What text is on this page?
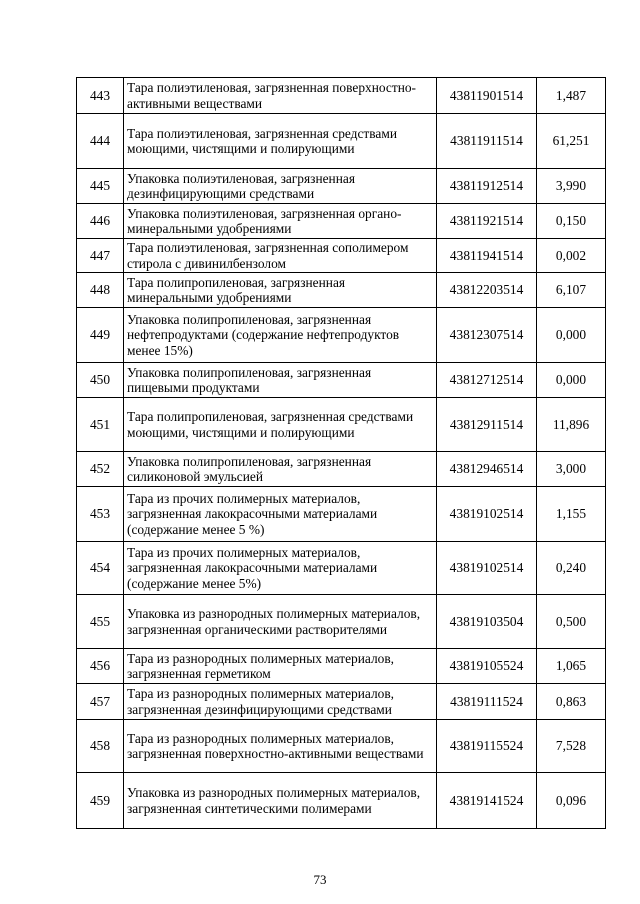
443	Тара полиэтиленовая, загрязненная поверхностно-активными веществами	43811901514	1,487
444	Тара полиэтиленовая, загрязненная средствами моющими, чистящими и полирующими	43811911514	61,251
445	Упаковка полиэтиленовая, загрязненная дезинфицирующими средствами	43811912514	3,990
446	Упаковка полиэтиленовая, загрязненная органо-минеральными удобрениями	43811921514	0,150
447	Тара полиэтиленовая, загрязненная сополимером стирола с дивинилбензолом	43811941514	0,002
448	Тара полипропиленовая, загрязненная минеральными удобрениями	43812203514	6,107
449	Упаковка полипропиленовая, загрязненная нефтепродуктами (содержание нефтепродуктов менее 15%)	43812307514	0,000
450	Упаковка полипропиленовая, загрязненная пищевыми продуктами	43812712514	0,000
451	Тара полипропиленовая, загрязненная средствами моющими, чистящими и полирующими	43812911514	11,896
452	Упаковка полипропиленовая, загрязненная силиконовой эмульсией	43812946514	3,000
453	Тара из прочих полимерных материалов, загрязненная лакокрасочными материалами (содержание менее 5 %)	43819102514	1,155
454	Тара из прочих полимерных материалов, загрязненная лакокрасочными материалами (содержание менее 5%)	43819102514	0,240
455	Упаковка из разнородных полимерных материалов, загрязненная органическими растворителями	43819103504	0,500
456	Тара из разнородных полимерных материалов, загрязненная герметиком	43819105524	1,065
457	Тара из разнородных полимерных материалов, загрязненная дезинфицирующими средствами	43819111524	0,863
458	Тара из разнородных полимерных материалов, загрязненная поверхностно-активными веществами	43819115524	7,528
459	Упаковка из разнородных полимерных материалов, загрязненная синтетическими полимерами	43819141524	0,096
73
